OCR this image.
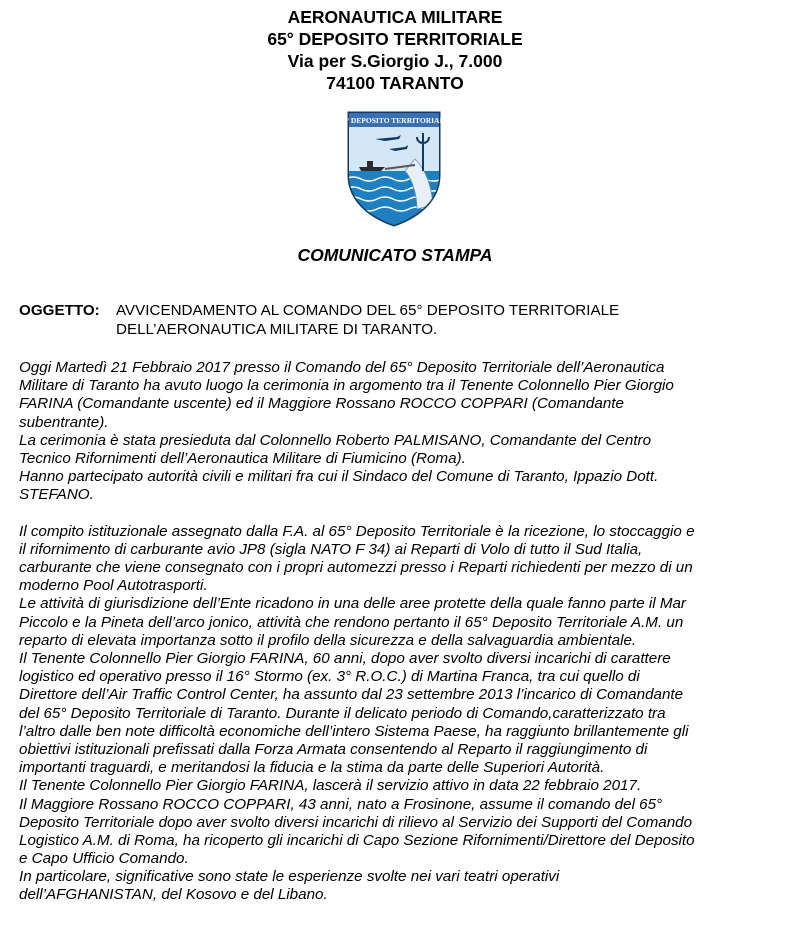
AERONAUTICA MILITARE
65° DEPOSITO TERRITORIALE
Via per S.Giorgio J., 7.000
74100 TARANTO
65° DEPOSITO TERRITORIALE
COMUNICATO STAMPA
OGGETTO: AVVICENDAMENTO AL COMANDO DEL 65° DEPOSITO TERRITORIALE
DELL’AERONAUTICA MILITARE DI TARANTO.
Oggi Martedì 21 Febbraio 2017 presso il Comando del 65° Deposito Territoriale dell’Aeronautica
Militare di Taranto ha avuto luogo la cerimonia in argomento tra il Tenente Colonnello Pier Giorgio
FARINA (Comandante uscente) ed il Maggiore Rossano ROCCO COPPARI (Comandante
subentrante).
La cerimonia è stata presieduta dal Colonnello Roberto PALMISANO, Comandante del Centro
Tecnico Rifornimenti dell’Aeronautica Militare di Fiumicino (Roma).
Hanno partecipato autorità civili e militari fra cui il Sindaco del Comune di Taranto, Ippazio Dott.
STEFANO.
Il compito istituzionale assegnato dalla F.A. al 65° Deposito Territoriale è la ricezione, lo stoccaggio e
il rifornimento di carburante avio JP8 (sigla NATO F 34) ai Reparti di Volo di tutto il Sud Italia,
carburante che viene consegnato con i propri automezzi presso i Reparti richiedenti per mezzo di un
moderno Pool Autotrasporti.
Le attività di giurisdizione dell’Ente ricadono in una delle aree protette della quale fanno parte il Mar
Piccolo e la Pineta dell’arco jonico, attività che rendono pertanto il 65° Deposito Territoriale A.M. un
reparto di elevata importanza sotto il profilo della sicurezza e della salvaguardia ambientale.
Il Tenente Colonnello Pier Giorgio FARINA, 60 anni, dopo aver svolto diversi incarichi di carattere
logistico ed operativo presso il 16° Stormo (ex. 3° R.O.C.) di Martina Franca, tra cui quello di
Direttore dell’Air Traffic Control Center, ha assunto dal 23 settembre 2013 l’incarico di Comandante
del 65° Deposito Territoriale di Taranto. Durante il delicato periodo di Comando,caratterizzato tra
l’altro dalle ben note difficoltà economiche dell’intero Sistema Paese, ha raggiunto brillantemente gli
obiettivi istituzionali prefissati dalla Forza Armata consentendo al Reparto il raggiungimento di
importanti traguardi, e meritandosi la fiducia e la stima da parte delle Superiori Autorità.
Il Tenente Colonnello Pier Giorgio FARINA, lascerà il servizio attivo in data 22 febbraio 2017.
Il Maggiore Rossano ROCCO COPPARI, 43 anni, nato a Frosinone, assume il comando del 65°
Deposito Territoriale dopo aver svolto diversi incarichi di rilievo al Servizio dei Supporti del Comando
Logistico A.M. di Roma, ha ricoperto gli incarichi di Capo Sezione Rifornimenti/Direttore del Deposito
e Capo Ufficio Comando.
In particolare, significative sono state le esperienze svolte nei vari teatri operativi
dell’AFGHANISTAN, del Kosovo e del Libano.
